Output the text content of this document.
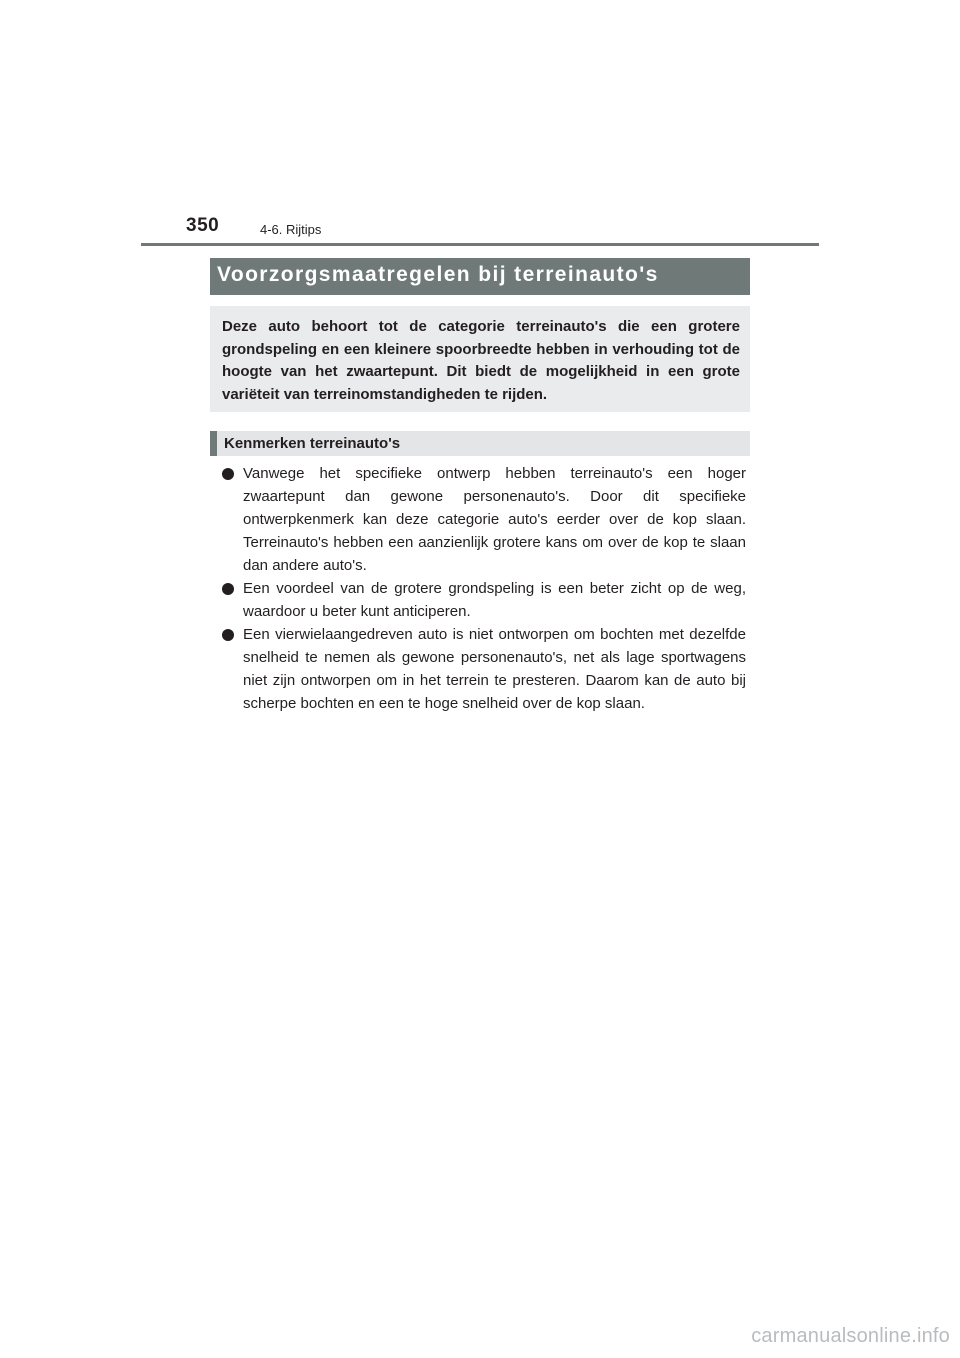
350	4-6. Rijtips
Voorzorgsmaatregelen bij terreinauto's
Deze auto behoort tot de categorie terreinauto's die een grotere grondspeling en een kleinere spoorbreedte hebben in verhouding tot de hoogte van het zwaartepunt. Dit biedt de mogelijkheid in een grote variëteit van terreinomstandigheden te rijden.
Kenmerken terreinauto's
Vanwege het specifieke ontwerp hebben terreinauto's een hoger zwaartepunt dan gewone personenauto's. Door dit specifieke ontwerpkenmerk kan deze categorie auto's eerder over de kop slaan. Terreinauto's hebben een aanzienlijk grotere kans om over de kop te slaan dan andere auto's.
Een voordeel van de grotere grondspeling is een beter zicht op de weg, waardoor u beter kunt anticiperen.
Een vierwielaangedreven auto is niet ontworpen om bochten met dezelfde snelheid te nemen als gewone personenauto's, net als lage sportwagens niet zijn ontworpen om in het terrein te presteren. Daarom kan de auto bij scherpe bochten en een te hoge snelheid over de kop slaan.
carmanualsonline.info
